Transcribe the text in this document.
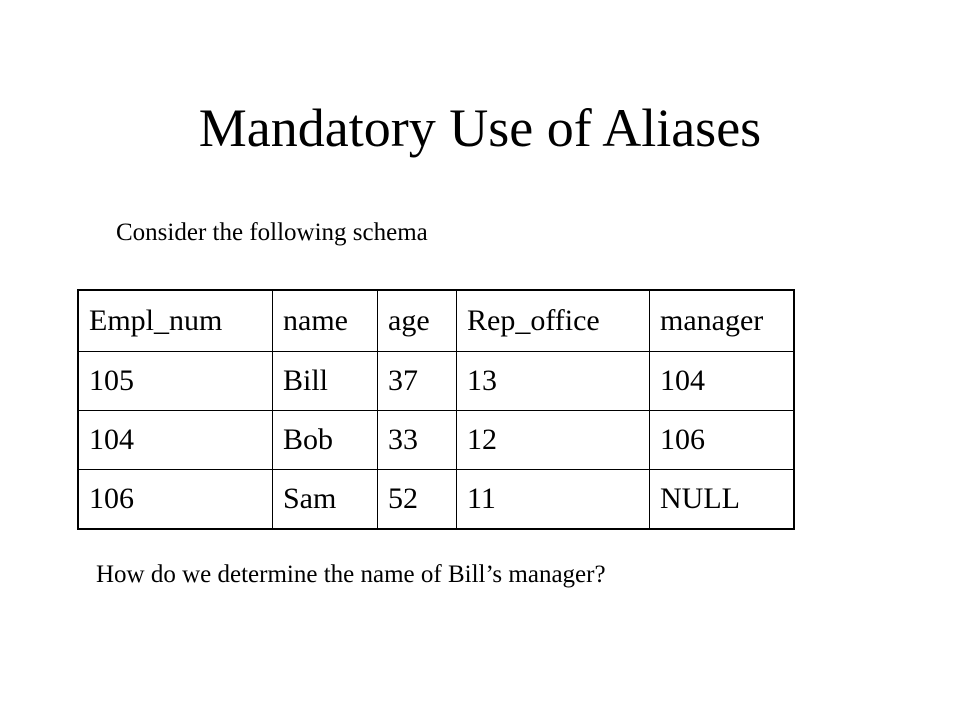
Mandatory Use of Aliases
Consider the following schema
Empl_num	name	age	Rep_office	manager
105	Bill	37	13	104
104	Bob	33	12	106
106	Sam	52	11	NULL
How do we determine the name of Bill’s manager?
